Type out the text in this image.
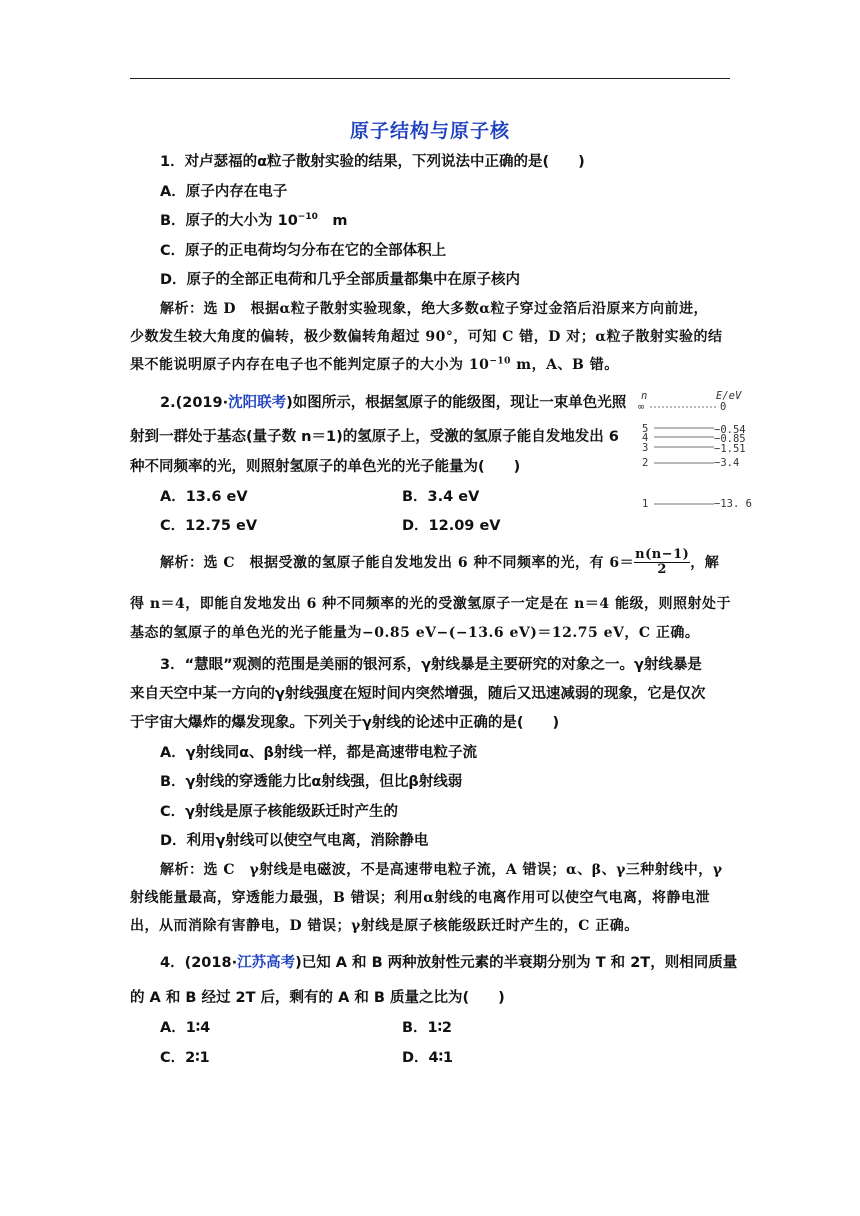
原子结构与原子核
1．对卢瑟福的α粒子散射实验的结果，下列说法中正确的是(　　)
A．原子内存在电子
B．原子的大小为 $10^{-10}$　m
C．原子的正电荷均匀分布在它的全部体积上
D．原子的全部正电荷和几乎全部质量都集中在原子核内
解析：选 D　根据α粒子散射实验现象，绝大多数α粒子穿过金箔后沿原来方向前进，
少数发生较大角度的偏转，极少数偏转角超过 90°，可知 C 错，D 对；α粒子散射实验的结
果不能说明原子内存在电子也不能判定原子的大小为 $10^{-10}$ m，A、B 错。
2.(2019·沈阳联考)如图所示，根据氢原子的能级图，现让一束单色光照
射到一群处于基态(量子数 n＝1)的氢原子上，受激的氢原子能自发地发出 6
种不同频率的光，则照射氢原子的单色光的光子能量为(　　)
A．13.6 eV	B．3.4 eV
C．12.75 eV	D．12.09 eV
n	E/eV
∞	0
5	−0.54
4	−0.85
3	−1.51
2	−3.4
1	−13. 6
解析：选 C　根据受激的氢原子能自发地发出 6 种不同频率的光，有 $6= \frac{n(n-1)}{2}$ ，解
得 n＝4，即能自发地发出 6 种不同频率的光的受激氢原子一定是在 n＝4 能级，则照射处于
基态的氢原子的单色光的光子能量为−0.85 eV−(−13.6 eV)＝12.75 eV，C 正确。
3．“慧眼”观测的范围是美丽的银河系，γ射线暴是主要研究的对象之一。γ射线暴是
来自天空中某一方向的γ射线强度在短时间内突然增强，随后又迅速减弱的现象，它是仅次
于宇宙大爆炸的爆发现象。下列关于γ射线的论述中正确的是(　　)
A．γ射线同α、β射线一样，都是高速带电粒子流
B．γ射线的穿透能力比α射线强，但比β射线弱
C．γ射线是原子核能级跃迁时产生的
D．利用γ射线可以使空气电离，消除静电
解析：选 C　γ射线是电磁波，不是高速带电粒子流，A 错误；α、β、γ三种射线中，γ
射线能量最高，穿透能力最强，B 错误；利用α射线的电离作用可以使空气电离，将静电泄
出，从而消除有害静电，D 错误；γ射线是原子核能级跃迁时产生的，C 正确。
4．(2018·江苏高考)已知 A 和 B 两种放射性元素的半衰期分别为 T 和 2T，则相同质量
的 A 和 B 经过 2T 后，剩有的 A 和 B 质量之比为(　　)
A．1∶4	B．1∶2
C．2∶1	D．4∶1
